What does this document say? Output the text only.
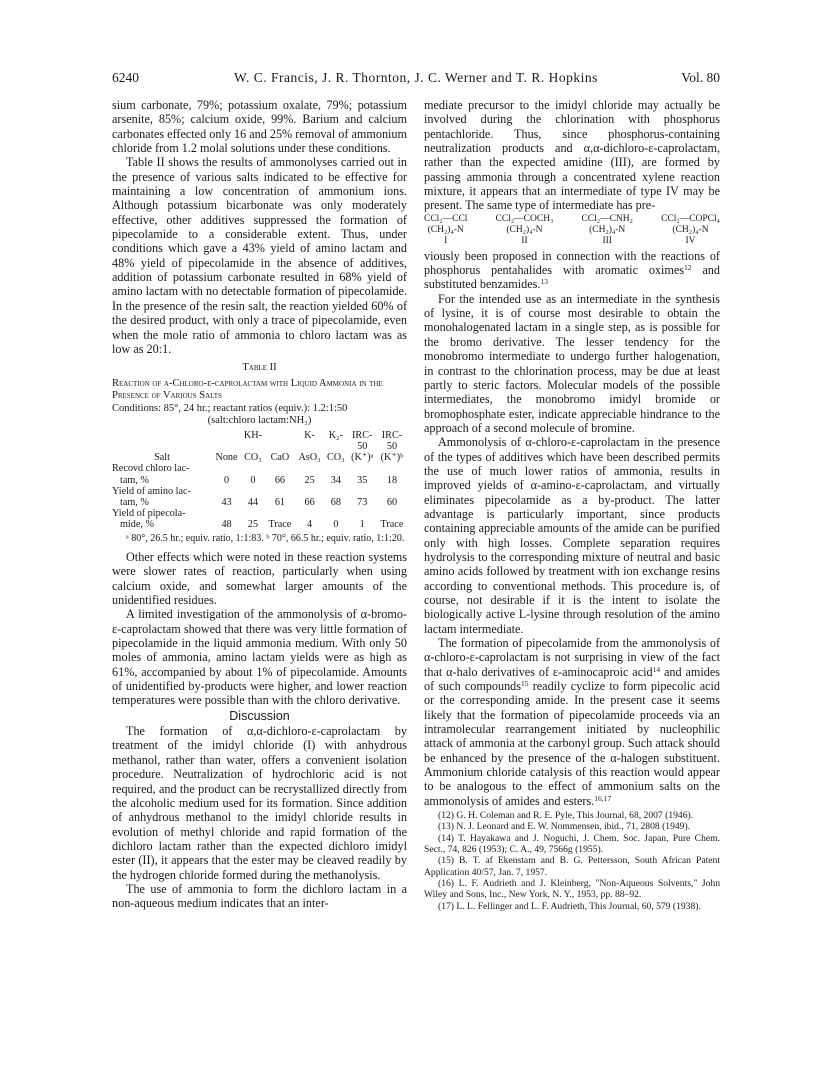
6240	W. C. Francis, J. R. Thornton, J. C. Werner and T. R. Hopkins	Vol. 80

sium carbonate, 79%; potassium oxalate, 79%; potassium arsenite, 85%; calcium oxide, 99%. Barium and calcium carbonates effected only 16 and 25% removal of ammonium chloride from 1.2 molal solutions under these conditions.

Table II shows the results of ammonolyses carried out in the presence of various salts indicated to be effective for maintaining a low concentration of ammonium ions. Although potassium bicarbonate was only moderately effective, other additives suppressed the formation of pipecolamide to a considerable extent. Thus, under conditions which gave a 43% yield of amino lactam and 48% yield of pipecolamide in the absence of additives, addition of potassium carbonate resulted in 68% yield of amino lactam with no detectable formation of pipecolamide. In the presence of the resin salt, the reaction yielded 60% of the desired product, with only a trace of pipecolamide, even when the mole ratio of ammonia to chloro lactam was as low as 20:1.

Table II

Reaction of α-Chloro-ε-caprolactam with Liquid Ammonia in the Presence of Various Salts

Conditions: 85°, 24 hr.; reactant ratios (equiv.): 1.2:1:50
(salt:chloro lactam:NH₃)
		KH-		K-	K₂-	IRC-	IRC-
						50	50
Salt	None	CO₃	CaO	AsO₃	CO₃	(K⁺)ᵃ	(K⁺)ᵇ
Recovd chloro lac-							
tam, %	0	0	66	25	34	35	18
Yield of amino lac-							
tam, %	43	44	61	66	68	73	60
Yield of pipecola-							
mide, %	48	25	Trace	4	0	1	Trace

ᵃ 80°, 26.5 hr.; equiv. ratio, 1:1:83. ᵇ 70°, 66.5 hr.; equiv. ratio, 1:1:20.

Other effects which were noted in these reaction systems were slower rates of reaction, particularly when using calcium oxide, and somewhat larger amounts of the unidentified residues.

A limited investigation of the ammonolysis of α-bromo-ε-caprolactam showed that there was very little formation of pipecolamide in the liquid ammonia medium. With only 50 moles of ammonia, amino lactam yields were as high as 61%, accompanied by about 1% of pipecolamide. Amounts of unidentified by-products were higher, and lower reaction temperatures were possible than with the chloro derivative.

Discussion

The formation of α,α-dichloro-ε-caprolactam by treatment of the imidyl chloride (I) with anhydrous methanol, rather than water, offers a convenient isolation procedure. Neutralization of hydrochloric acid is not required, and the product can be recrystallized directly from the alcoholic medium used for its formation. Since addition of anhydrous methanol to the imidyl chloride results in evolution of methyl chloride and rapid formation of the dichloro lactam rather than the expected dichloro imidyl ester (II), it appears that the ester may be cleaved readily by the hydrogen chloride formed during the methanolysis.

The use of ammonia to form the dichloro lactam in a non-aqueous medium indicates that an inter-

mediate precursor to the imidyl chloride may actually be involved during the chlorination with phosphorus pentachloride. Thus, since phosphorus-containing neutralization products and α,α-dichloro-ε-caprolactam, rather than the expected amidine (III), are formed by passing ammonia through a concentrated xylene reaction mixture, it appears that an intermediate of type IV may be present. The same type of intermediate has pre-

CCl₂—CCl
(CH₂)₄-N
I
CCl₂—COCH₃
(CH₂)₄-N
II
CCl₂—CNH₂
(CH₂)₄-N
III
CCl₂—COPCl₄
(CH₂)₄-N
IV

viously been proposed in connection with the reactions of phosphorus pentahalides with aromatic oximes$^{12}$ and substituted benzamides.$^{13}$

For the intended use as an intermediate in the synthesis of lysine, it is of course most desirable to obtain the monohalogenated lactam in a single step, as is possible for the bromo derivative. The lesser tendency for the monobromo intermediate to undergo further halogenation, in contrast to the chlorination process, may be due at least partly to steric factors. Molecular models of the possible intermediates, the monobromo imidyl bromide or bromophosphate ester, indicate appreciable hindrance to the approach of a second molecule of bromine.

Ammonolysis of α-chloro-ε-caprolactam in the presence of the types of additives which have been described permits the use of much lower ratios of ammonia, results in improved yields of α-amino-ε-caprolactam, and virtually eliminates pipecolamide as a by-product. The latter advantage is particularly important, since products containing appreciable amounts of the amide can be purified only with high losses. Complete separation requires hydrolysis to the corresponding mixture of neutral and basic amino acids followed by treatment with ion exchange resins according to conventional methods. This procedure is, of course, not desirable if it is the intent to isolate the biologically active L-lysine through resolution of the amino lactam intermediate.

The formation of pipecolamide from the ammonolysis of α-chloro-ε-caprolactam is not surprising in view of the fact that α-halo derivatives of ε-aminocaproic acid$^{14}$ and amides of such compounds$^{15}$ readily cyclize to form pipecolic acid or the corresponding amide. In the present case it seems likely that the formation of pipecolamide proceeds via an intramolecular rearrangement initiated by nucleophilic attack of ammonia at the carbonyl group. Such attack should be enhanced by the presence of the α-halogen substituent. Ammonium chloride catalysis of this reaction would appear to be analogous to the effect of ammonium salts on the ammonolysis of amides and esters.$^{16,17}$

(12) G. H. Coleman and R. E. Pyle, This Journal, 68, 2007 (1946).

(13) N. J. Leonard and E. W. Nommensen, ibid., 71, 2808 (1949).

(14) T. Hayakawa and J. Noguchi, J. Chem. Soc. Japan, Pure Chem. Sect., 74, 826 (1953); C. A., 49, 7566g (1955).

(15) B. T. af Ekenstam and B. G. Pettersson, South African Patent Application 40/57, Jan. 7, 1957.

(16) L. F. Audrieth and J. Kleinberg, "Non-Aqueous Solvents," John Wiley and Sons, Inc., New York, N. Y., 1953, pp. 88–92.

(17) L. L. Fellinger and L. F. Audrieth, This Journal, 60, 579 (1938).
